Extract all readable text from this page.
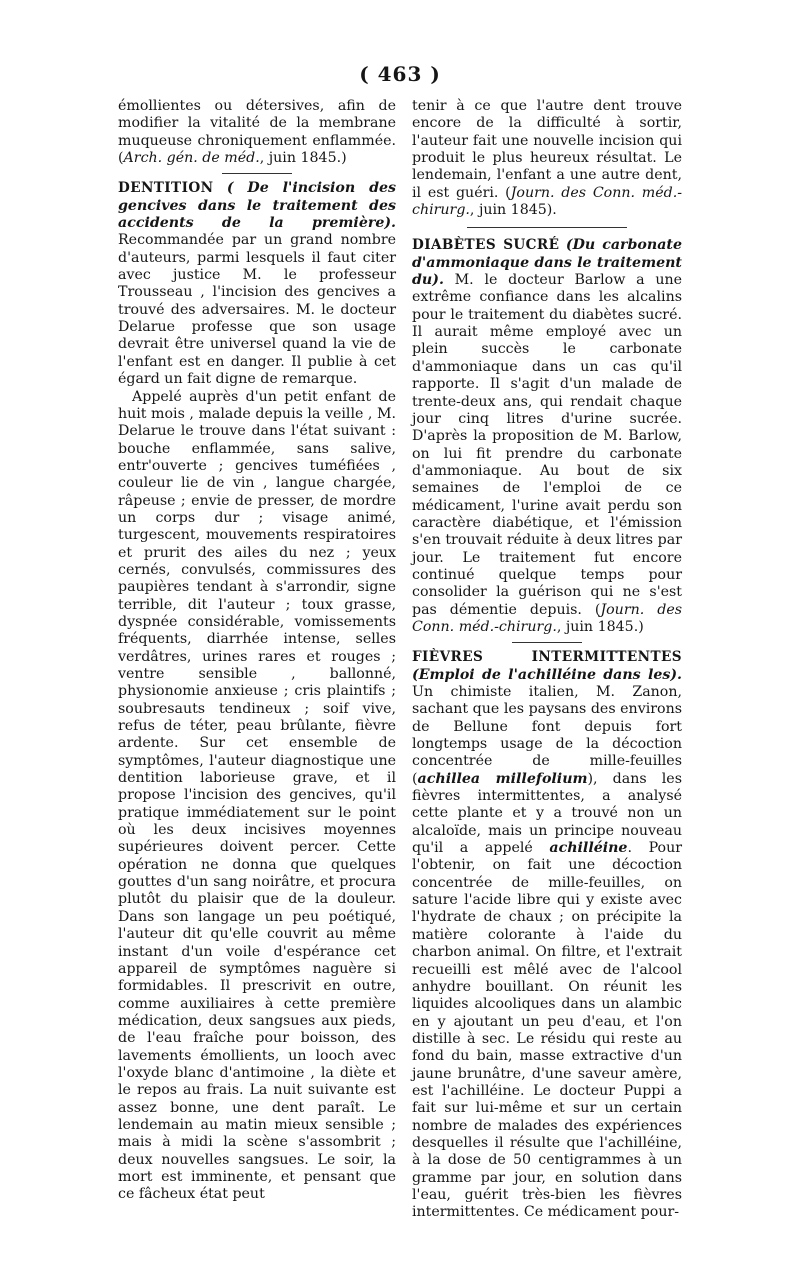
( 463 )

émollientes ou détersives, afin de modifier la vitalité de la membrane muqueuse chroniquement enflammée. (Arch. gén. de méd., juin 1845.)

DENTITION ( De l'incision des gencives dans le traitement des accidents de la première). Recommandée par un grand nombre d'auteurs, parmi lesquels il faut citer avec justice M. le professeur Trousseau , l'incision des gencives a trouvé des adversaires. M. le docteur Delarue professe que son usage devrait être universel quand la vie de l'enfant est en danger. Il publie à cet égard un fait digne de remarque.

Appelé auprès d'un petit enfant de huit mois , malade depuis la veille , M. Delarue le trouve dans l'état suivant : bouche enflammée, sans salive, entr'ouverte ; gencives tuméfiées , couleur lie de vin , langue chargée, râpeuse ; envie de presser, de mordre un corps dur ; visage animé, turgescent, mouvements respiratoires et prurit des ailes du nez ; yeux cernés, convulsés, commissures des paupières tendant à s'arrondir, signe terrible, dit l'auteur ; toux grasse, dyspnée considérable, vomissements fréquents, diarrhée intense, selles verdâtres, urines rares et rouges ; ventre sensible , ballonné, physionomie anxieuse ; cris plaintifs ; soubresauts tendineux ; soif vive, refus de téter, peau brûlante, fièvre ardente. Sur cet ensemble de symptômes, l'auteur diagnostique une dentition laborieuse grave, et il propose l'incision des gencives, qu'il pratique immédiatement sur le point où les deux incisives moyennes supérieures doivent percer. Cette opération ne donna que quelques gouttes d'un sang noirâtre, et procura plutôt du plaisir que de la douleur. Dans son langage un peu poétiqué, l'auteur dit qu'elle couvrit au même instant d'un voile d'espérance cet appareil de symptômes naguère si formidables. Il prescrivit en outre, comme auxiliaires à cette première médication, deux sangsues aux pieds, de l'eau fraîche pour boisson, des lavements émollients, un looch avec l'oxyde blanc d'antimoine , la diète et le repos au frais. La nuit suivante est assez bonne, une dent paraît. Le lendemain au matin mieux sensible ; mais à midi la scène s'assombrit ; deux nouvelles sangsues. Le soir, la mort est imminente, et pensant que ce fâcheux état peut

tenir à ce que l'autre dent trouve encore de la difficulté à sortir, l'auteur fait une nouvelle incision qui produit le plus heureux résultat. Le lendemain, l'enfant a une autre dent, il est guéri. (Journ. des Conn. méd.-chirurg., juin 1845).

DIABÈTES SUCRÉ (Du carbonate d'ammoniaque dans le traitement du). M. le docteur Barlow a une extrême confiance dans les alcalins pour le traitement du diabètes sucré. Il aurait même employé avec un plein succès le carbonate d'ammoniaque dans un cas qu'il rapporte. Il s'agit d'un malade de trente-deux ans, qui rendait chaque jour cinq litres d'urine sucrée. D'après la proposition de M. Barlow, on lui fit prendre du carbonate d'ammoniaque. Au bout de six semaines de l'emploi de ce médicament, l'urine avait perdu son caractère diabétique, et l'émission s'en trouvait réduite à deux litres par jour. Le traitement fut encore continué quelque temps pour consolider la guérison qui ne s'est pas démentie depuis. (Journ. des Conn. méd.-chirurg., juin 1845.)

FIÈVRES INTERMITTENTES (Emploi de l'achilléine dans les). Un chimiste italien, M. Zanon, sachant que les paysans des environs de Bellune font depuis fort longtemps usage de la décoction concentrée de mille-feuilles (achillea millefolium), dans les fièvres intermittentes, a analysé cette plante et y a trouvé non un alcaloïde, mais un principe nouveau qu'il a appelé achilléine. Pour l'obtenir, on fait une décoction concentrée de mille-feuilles, on sature l'acide libre qui y existe avec l'hydrate de chaux ; on précipite la matière colorante à l'aide du charbon animal. On filtre, et l'extrait recueilli est mêlé avec de l'alcool anhydre bouillant. On réunit les liquides alcooliques dans un alambic en y ajoutant un peu d'eau, et l'on distille à sec. Le résidu qui reste au fond du bain, masse extractive d'un jaune brunâtre, d'une saveur amère, est l'achilléine. Le docteur Puppi a fait sur lui-même et sur un certain nombre de malades des expériences desquelles il résulte que l'achilléine, à la dose de 50 centigrammes à un gramme par jour, en solution dans l'eau, guérit très-bien les fièvres intermittentes. Ce médicament pour-
